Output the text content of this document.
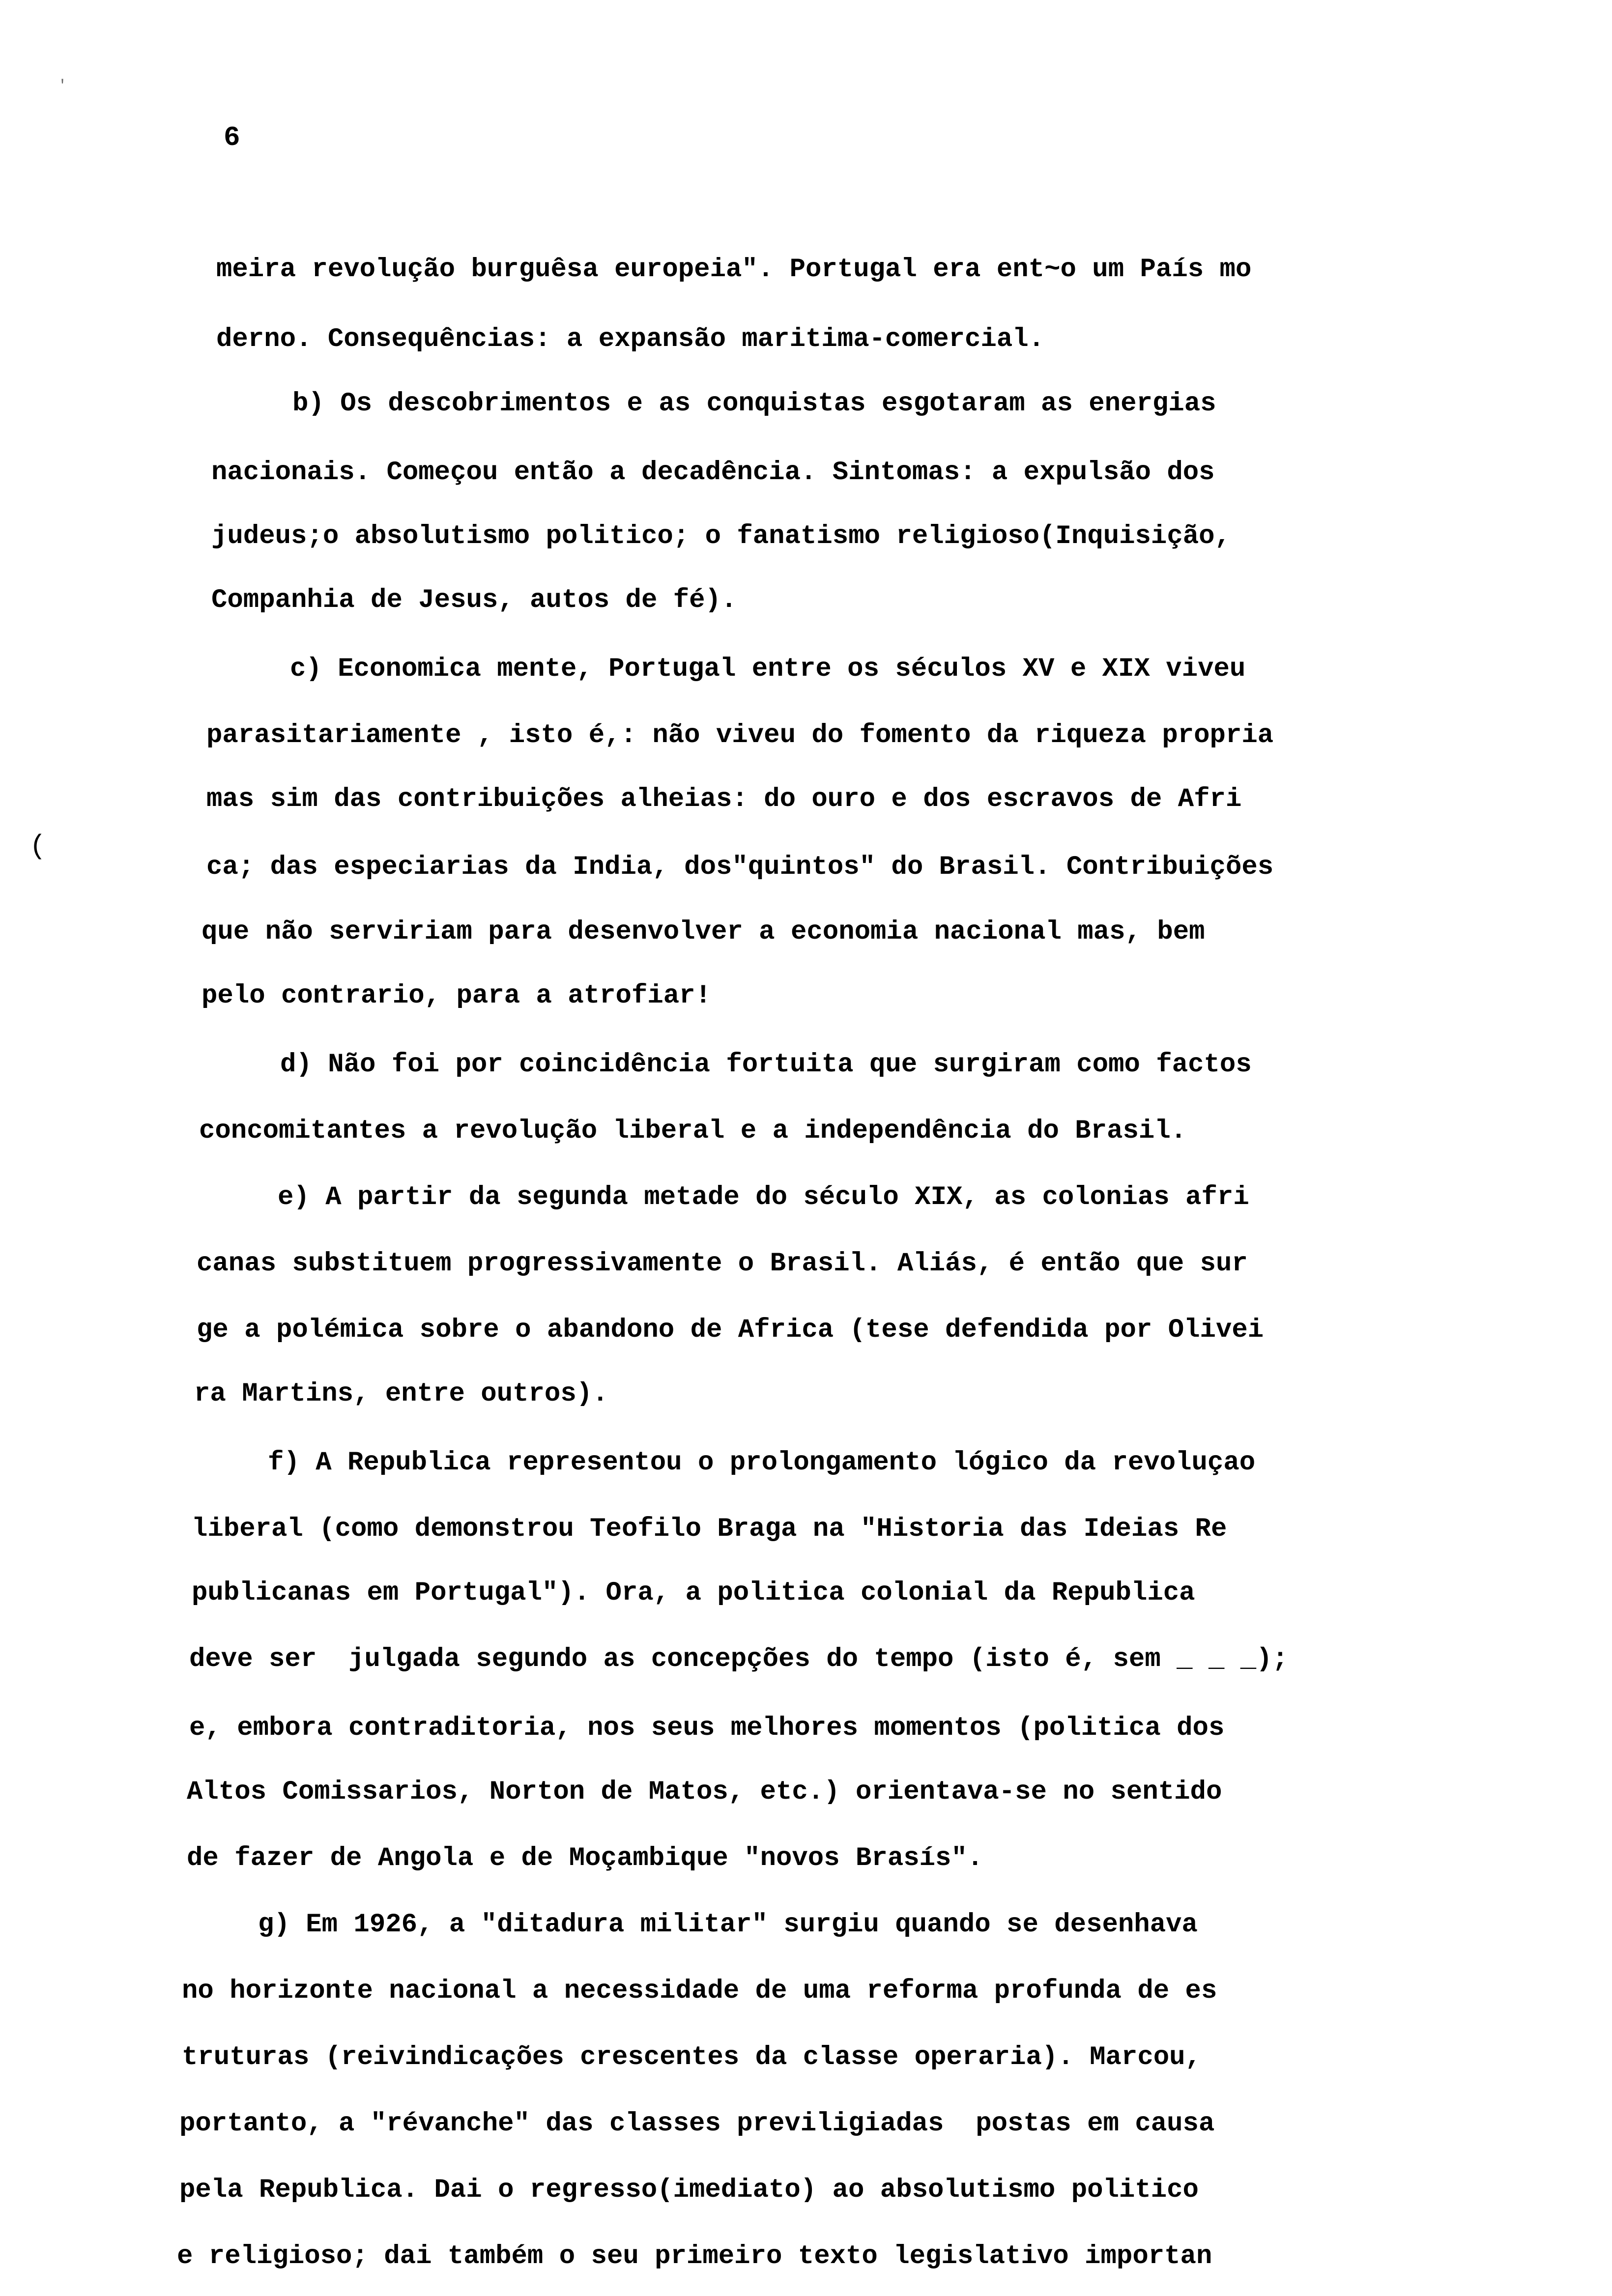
'
6
(
meira revolução burguêsa europeia". Portugal era ent~o um País mo
derno. Consequências: a expansão maritima-comercial.
b) Os descobrimentos e as conquistas esgotaram as energias
nacionais. Começou então a decadência. Sintomas: a expulsão dos
judeus;o absolutismo politico; o fanatismo religioso(Inquisição,
Companhia de Jesus, autos de fé).
c) Economica mente, Portugal entre os séculos XV e XIX viveu
parasitariamente , isto é,: não viveu do fomento da riqueza propria
mas sim das contribuições alheias: do ouro e dos escravos de Afri
ca; das especiarias da India, dos"quintos" do Brasil. Contribuições
que não serviriam para desenvolver a economia nacional mas, bem
pelo contrario, para a atrofiar!
d) Não foi por coincidência fortuita que surgiram como factos
concomitantes a revolução liberal e a independência do Brasil.
e) A partir da segunda metade do século XIX, as colonias afri
canas substituem progressivamente o Brasil. Aliás, é então que sur
ge a polémica sobre o abandono de Africa (tese defendida por Olivei
ra Martins, entre outros).
f) A Republica representou o prolongamento lógico da revoluçao
liberal (como demonstrou Teofilo Braga na "Historia das Ideias Re
publicanas em Portugal"). Ora, a politica colonial da Republica
deve ser  julgada segundo as concepções do tempo (isto é, sem _ _ _);
e, embora contraditoria, nos seus melhores momentos (politica dos
Altos Comissarios, Norton de Matos, etc.) orientava-se no sentido
de fazer de Angola e de Moçambique "novos Brasís".
g) Em 1926, a "ditadura militar" surgiu quando se desenhava
no horizonte nacional a necessidade de uma reforma profunda de es
truturas (reivindicações crescentes da classe operaria). Marcou,
portanto, a "révanche" das classes previligiadas  postas em causa
pela Republica. Dai o regresso(imediato) ao absolutismo politico
e religioso; dai também o seu primeiro texto legislativo importan
